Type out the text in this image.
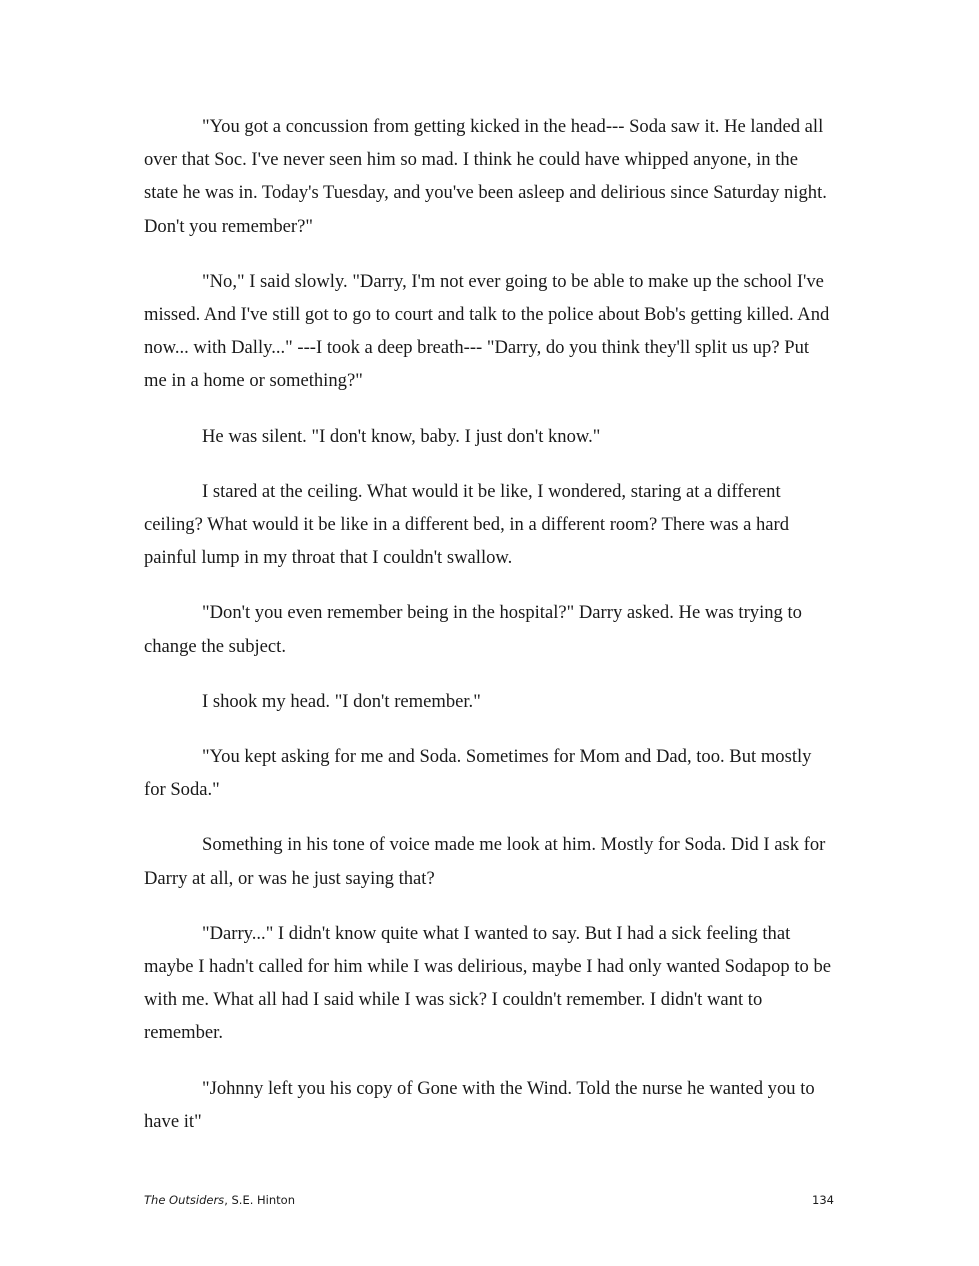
"You got a concussion from getting kicked in the head--- Soda saw it. He landed all over that Soc. I've never seen him so mad. I think he could have whipped anyone, in the state he was in. Today's Tuesday, and you've been asleep and delirious since Saturday night. Don't you remember?"

"No," I said slowly. "Darry, I'm not ever going to be able to make up the school I've missed. And I've still got to go to court and talk to the police about Bob's getting killed. And now... with Dally..." ---I took a deep breath--- "Darry, do you think they'll split us up? Put me in a home or something?"

He was silent. "I don't know, baby. I just don't know."

I stared at the ceiling. What would it be like, I wondered, staring at a different ceiling? What would it be like in a different bed, in a different room? There was a hard painful lump in my throat that I couldn't swallow.

"Don't you even remember being in the hospital?" Darry asked. He was trying to change the subject.

I shook my head. "I don't remember."

"You kept asking for me and Soda. Sometimes for Mom and Dad, too. But mostly for Soda."

Something in his tone of voice made me look at him. Mostly for Soda. Did I ask for Darry at all, or was he just saying that?

"Darry..." I didn't know quite what I wanted to say. But I had a sick feeling that maybe I hadn't called for him while I was delirious, maybe I had only wanted Sodapop to be with me. What all had I said while I was sick? I couldn't remember. I didn't want to remember.

"Johnny left you his copy of Gone with the Wind. Told the nurse he wanted you to have it"

The Outsiders, S.E. Hinton	134
